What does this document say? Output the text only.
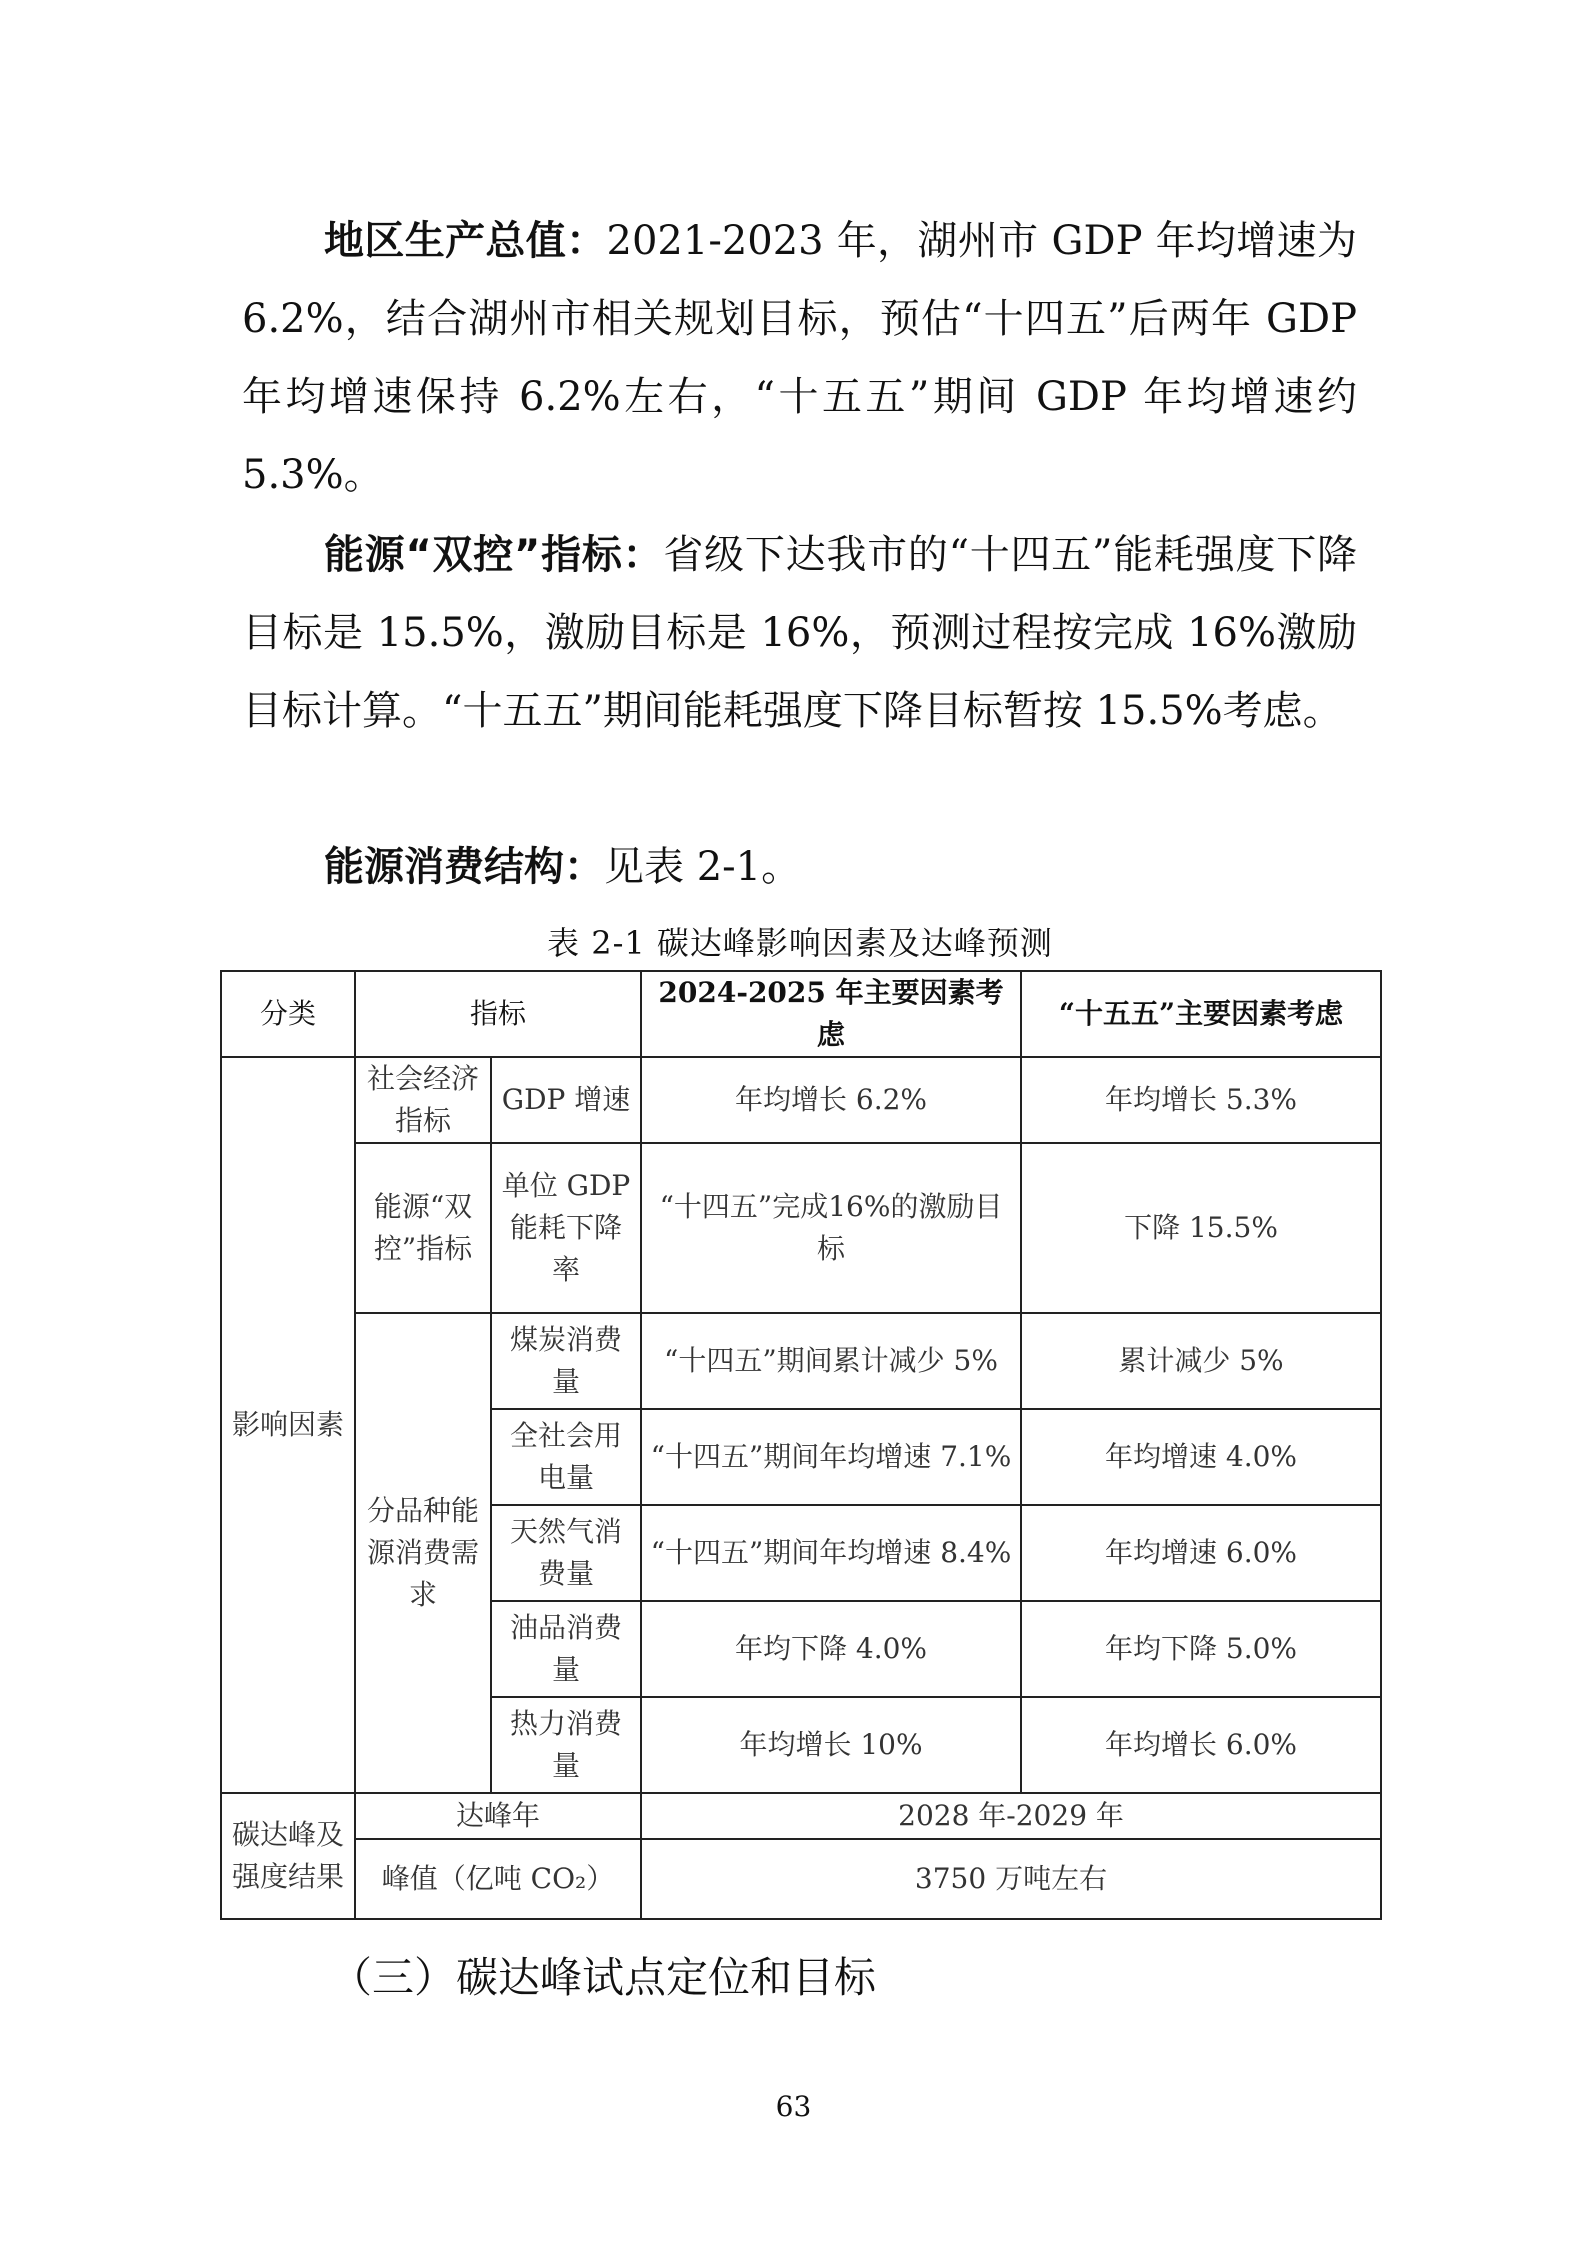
地区生产总值：2021-2023 年，湖州市 GDP 年均增速为 6.2%，结合湖州市相关规划目标，预估“十四五”后两年 GDP 年均增速保持 6.2%左右，“十五五”期间 GDP 年均增速约 5.3%。

能源“双控”指标：省级下达我市的“十四五”能耗强度下降目标是 15.5%，激励目标是 16%，预测过程按完成 16%激励目标计算。“十五五”期间能耗强度下降目标暂按 15.5%考虑。

能源消费结构：见表 2-1。

表 2-1 碳达峰影响因素及达峰预测
分类	指标		2024-2025 年主要因素考虑	“十五五”主要因素考虑
影响因素	社会经济指标	GDP 增速	年均增长 6.2%	年均增长 5.3%
	能源“双控”指标	单位 GDP 能耗下降率	“十四五”完成16%的激励目标	下降 15.5%
	分品种能源消费需求	煤炭消费量	“十四五”期间累计减少 5%	累计减少 5%
		全社会用电量	“十四五”期间年均增速 7.1%	年均增速 4.0%
		天然气消费量	“十四五”期间年均增速 8.4%	年均增速 6.0%
		油品消费量	年均下降 4.0%	年均下降 5.0%
		热力消费量	年均增长 10%	年均增长 6.0%
碳达峰及强度结果	达峰年		2028 年-2029 年	
	峰值（亿吨 CO₂）		3750 万吨左右	
（三）碳达峰试点定位和目标
63
